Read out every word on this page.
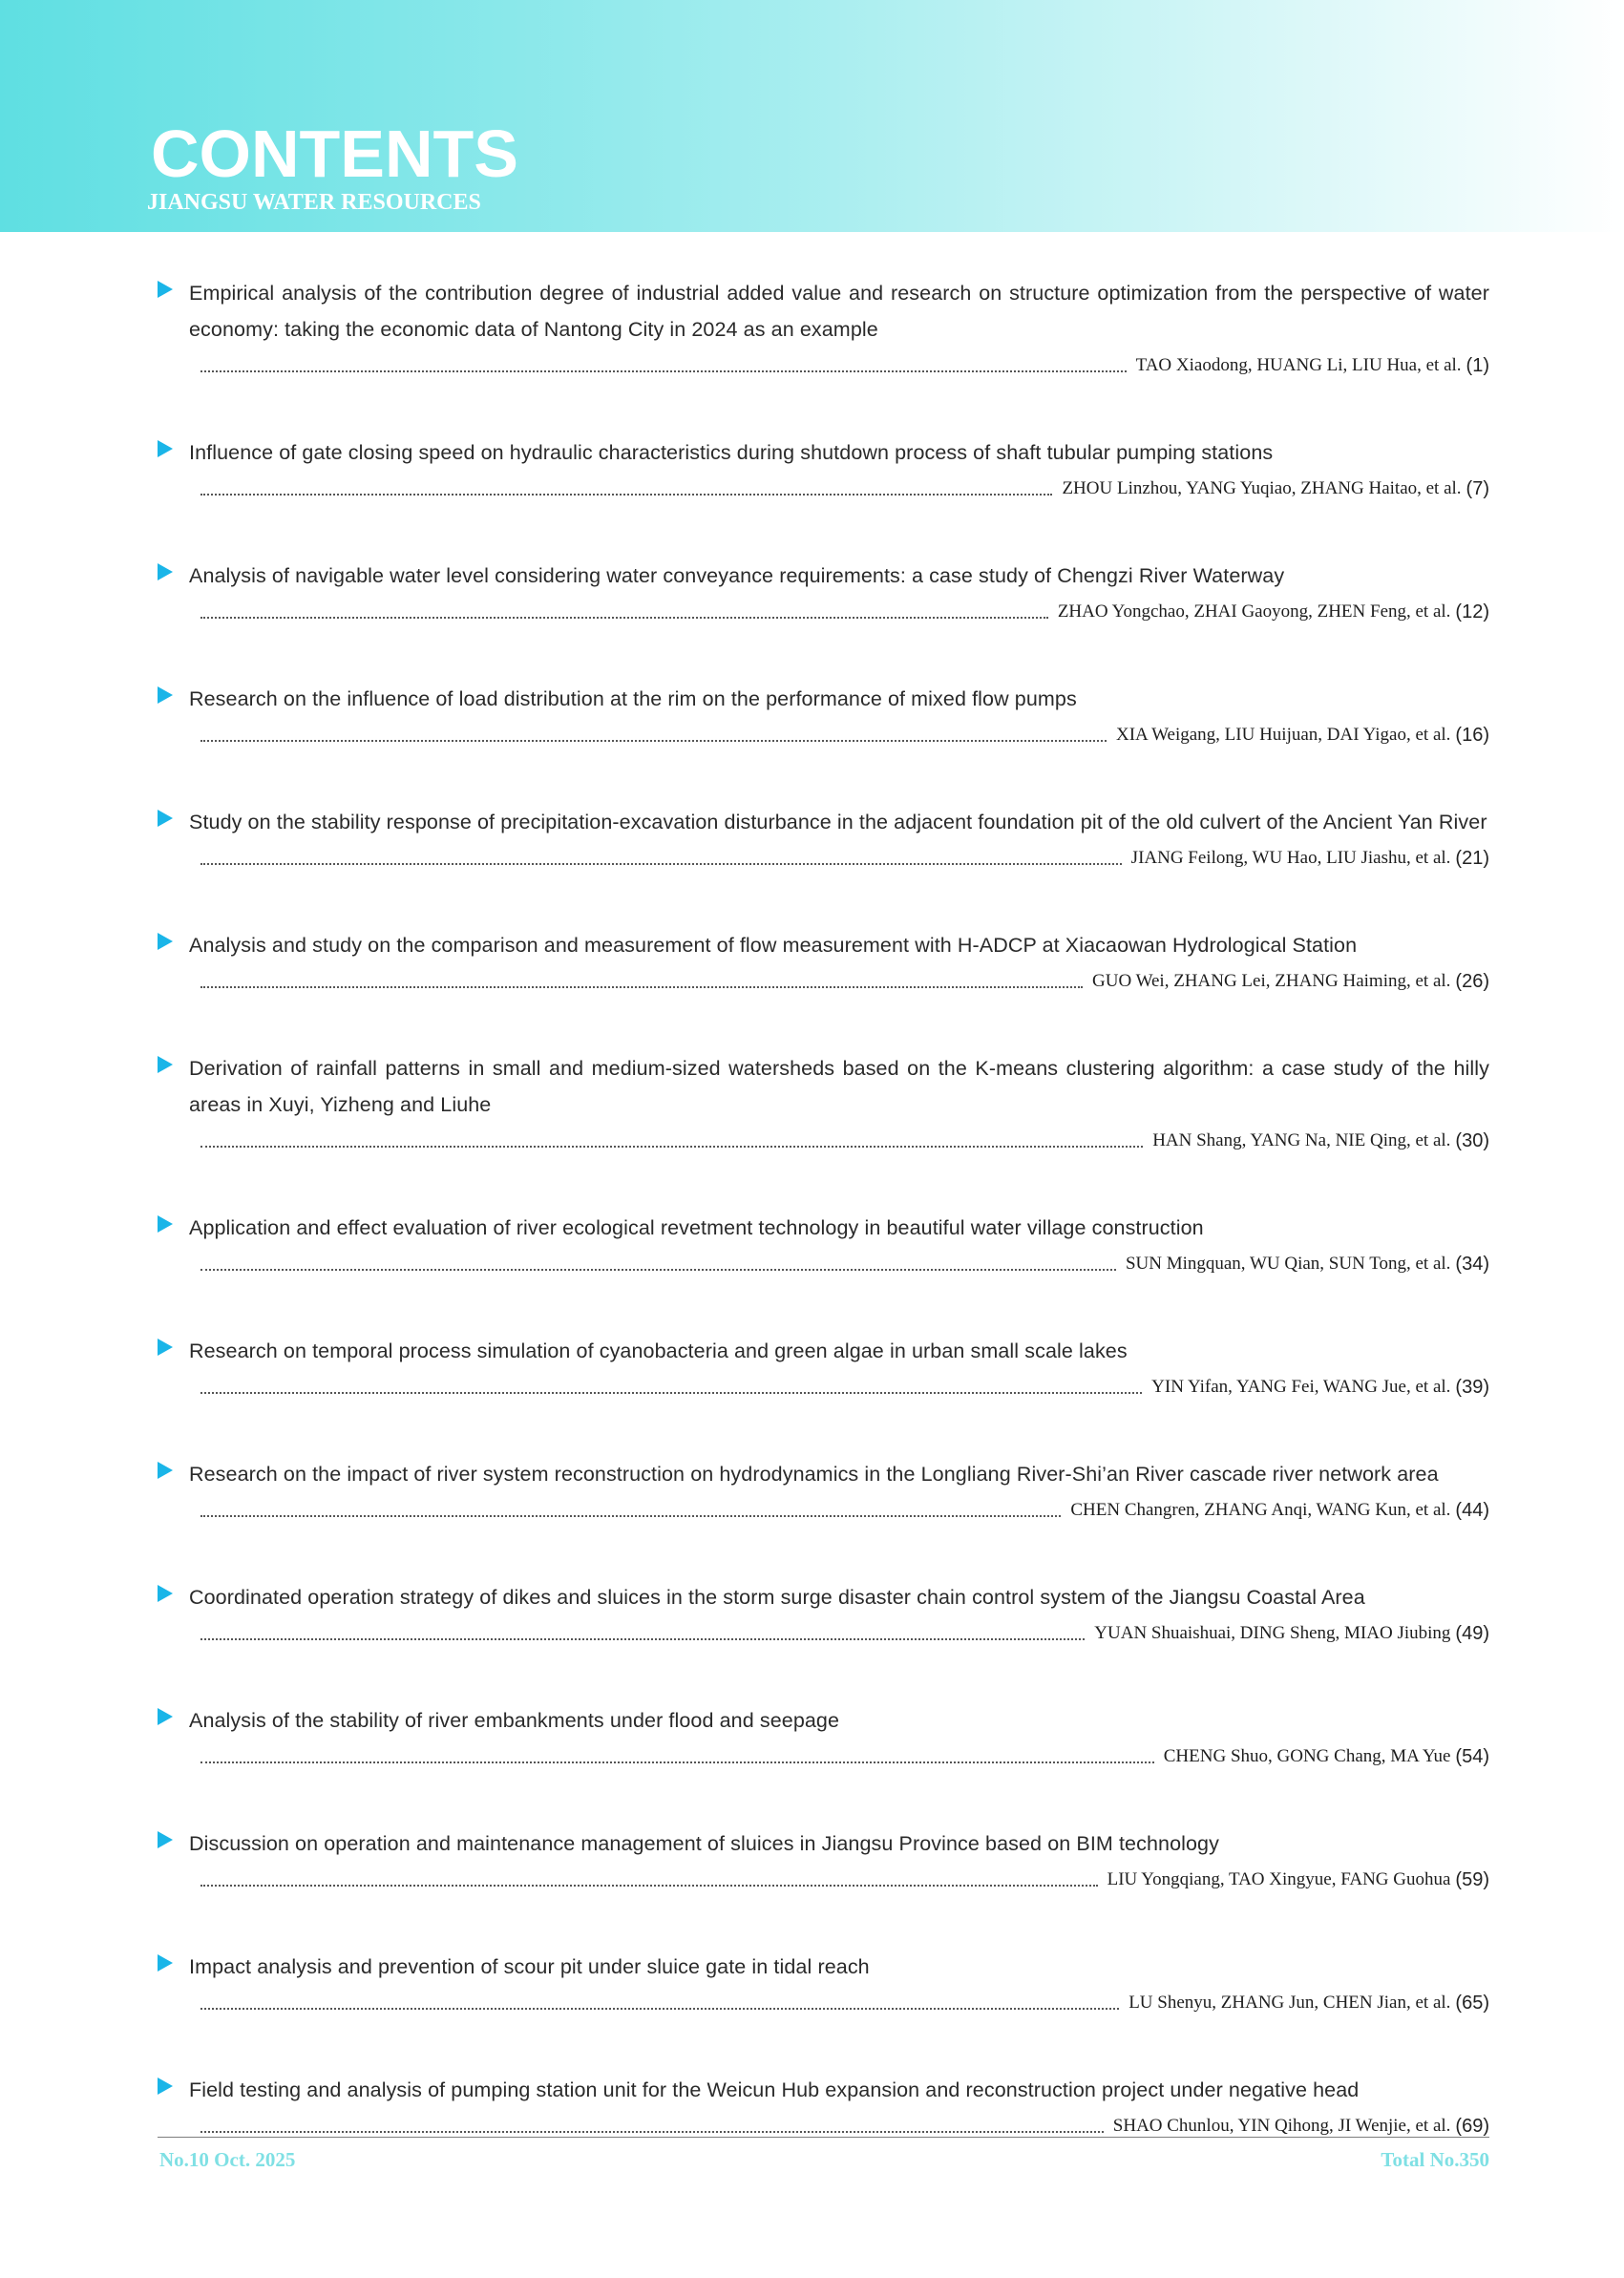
CONTENTS
JIANGSU WATER RESOURCES
Empirical analysis of the contribution degree of industrial added value and research on structure optimization from the perspective of water economy: taking the economic data of Nantong City in 2024 as an example
TAO Xiaodong, HUANG Li, LIU Hua, et al. (1)
Influence of gate closing speed on hydraulic characteristics during shutdown process of shaft tubular pumping stations
ZHOU Linzhou, YANG Yuqiao, ZHANG Haitao, et al. (7)
Analysis of navigable water level considering water conveyance requirements: a case study of Chengzi River Waterway
ZHAO Yongchao, ZHAI Gaoyong, ZHEN Feng, et al. (12)
Research on the influence of load distribution at the rim on the performance of mixed flow pumps
XIA Weigang, LIU Huijuan, DAI Yigao, et al. (16)
Study on the stability response of precipitation-excavation disturbance in the adjacent foundation pit of the old culvert of the Ancient Yan River
JIANG Feilong, WU Hao, LIU Jiashu, et al. (21)
Analysis and study on the comparison and measurement of flow measurement with H-ADCP at Xiacaowan Hydrological Station
GUO Wei, ZHANG Lei, ZHANG Haiming, et al. (26)
Derivation of rainfall patterns in small and medium-sized watersheds based on the K-means clustering algorithm: a case study of the hilly areas in Xuyi, Yizheng and Liuhe
HAN Shang, YANG Na, NIE Qing, et al. (30)
Application and effect evaluation of river ecological revetment technology in beautiful water village construction
SUN Mingquan, WU Qian, SUN Tong, et al. (34)
Research on temporal process simulation of cyanobacteria and green algae in urban small scale lakes
YIN Yifan, YANG Fei, WANG Jue, et al. (39)
Research on the impact of river system reconstruction on hydrodynamics in the Longliang River-Shi’an River cascade river network area
CHEN Changren, ZHANG Anqi, WANG Kun, et al. (44)
Coordinated operation strategy of dikes and sluices in the storm surge disaster chain control system of the Jiangsu Coastal Area
YUAN Shuaishuai, DING Sheng, MIAO Jiubing (49)
Analysis of the stability of river embankments under flood and seepage
CHENG Shuo, GONG Chang, MA Yue (54)
Discussion on operation and maintenance management of sluices in Jiangsu Province based on BIM technology
LIU Yongqiang, TAO Xingyue, FANG Guohua (59)
Impact analysis and prevention of scour pit under sluice gate in tidal reach
LU Shenyu, ZHANG Jun, CHEN Jian, et al. (65)
Field testing and analysis of pumping station unit for the Weicun Hub expansion and reconstruction project under negative head
SHAO Chunlou, YIN Qihong, JI Wenjie, et al. (69)
No.10 Oct. 2025	Total No.350
